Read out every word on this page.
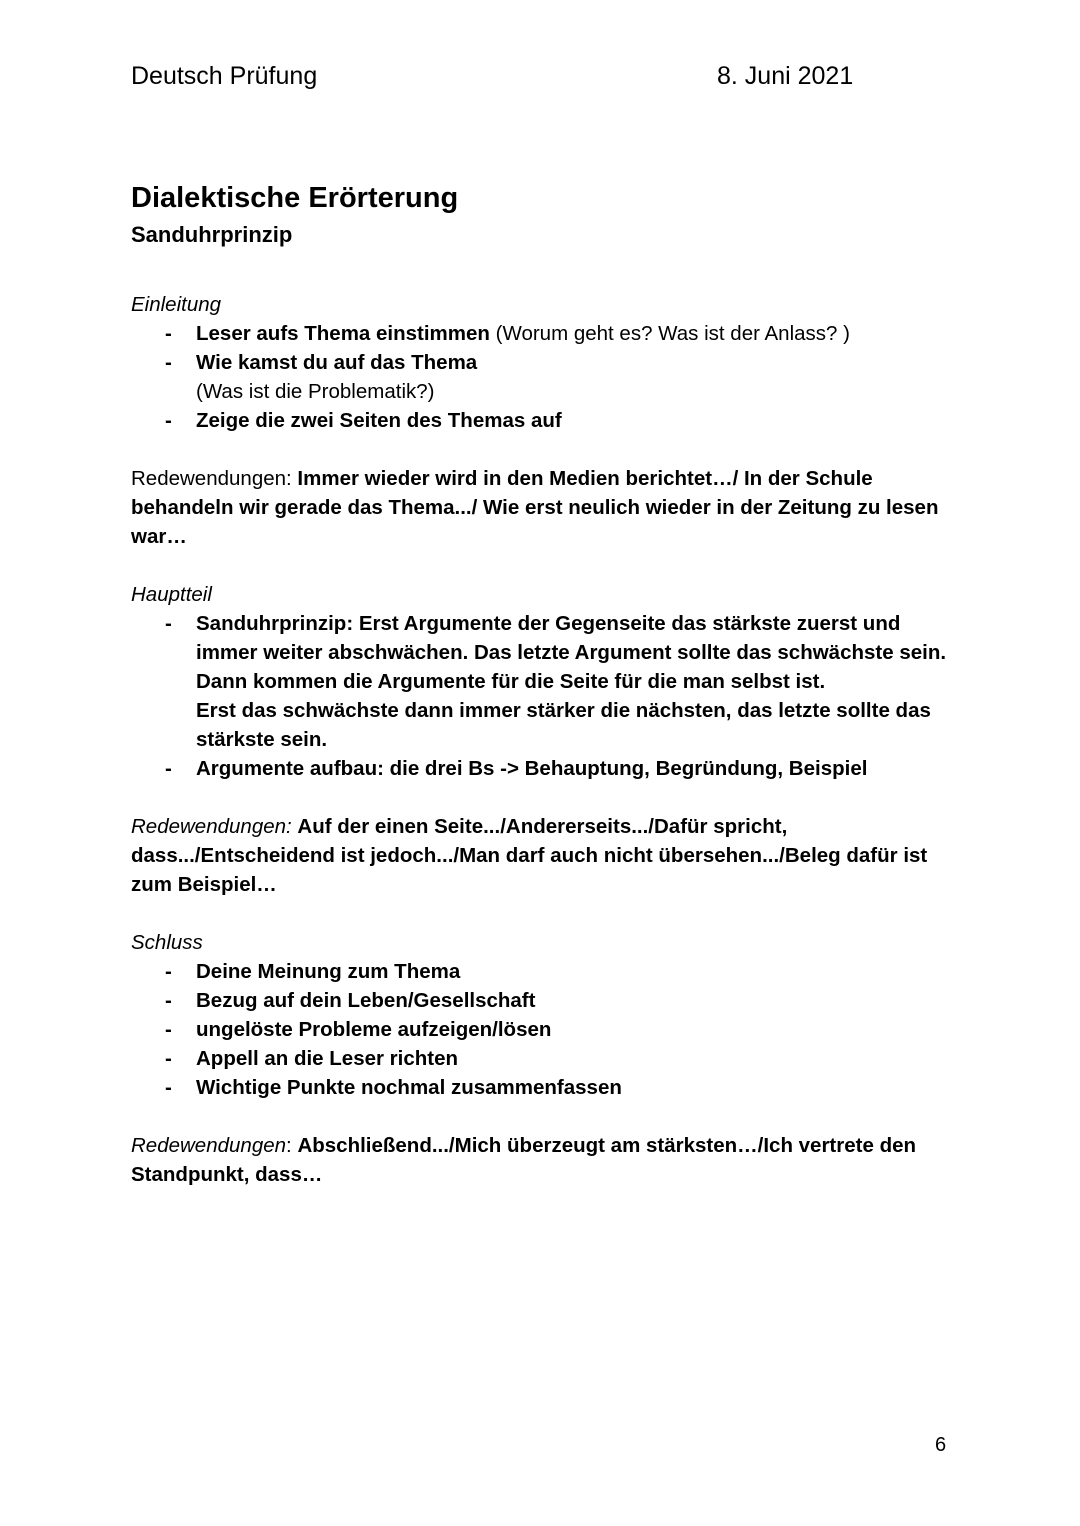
Deutsch Prüfung	8. Juni 2021
Dialektische Erörterung
Sanduhrprinzip
Einleitung
- Leser aufs Thema einstimmen (Worum geht es? Was ist der Anlass? )
- Wie kamst du auf das Thema
(Was ist die Problematik?)
- Zeige die zwei Seiten des Themas auf
Redewendungen: Immer wieder wird in den Medien berichtet…/ In der Schule behandeln wir gerade das Thema.../ Wie erst neulich wieder in der Zeitung zu lesen war…
Hauptteil
- Sanduhrprinzip: Erst Argumente der Gegenseite das stärkste zuerst und immer weiter abschwächen. Das letzte Argument sollte das schwächste sein.
Dann kommen die Argumente für die Seite für die man selbst ist.
Erst das schwächste dann immer stärker die nächsten, das letzte sollte das stärkste sein.
- Argumente aufbau: die drei Bs -> Behauptung, Begründung, Beispiel
Redewendungen: Auf der einen Seite.../Andererseits.../Dafür spricht, dass.../Entscheidend ist jedoch.../Man darf auch nicht übersehen.../Beleg dafür ist zum Beispiel…
Schluss
- Deine Meinung zum Thema
- Bezug auf dein Leben/Gesellschaft
- ungelöste Probleme aufzeigen/lösen
- Appell an die Leser richten
- Wichtige Punkte nochmal zusammenfassen
Redewendungen: Abschließend.../Mich überzeugt am stärksten…/Ich vertrete den Standpunkt, dass…
6
